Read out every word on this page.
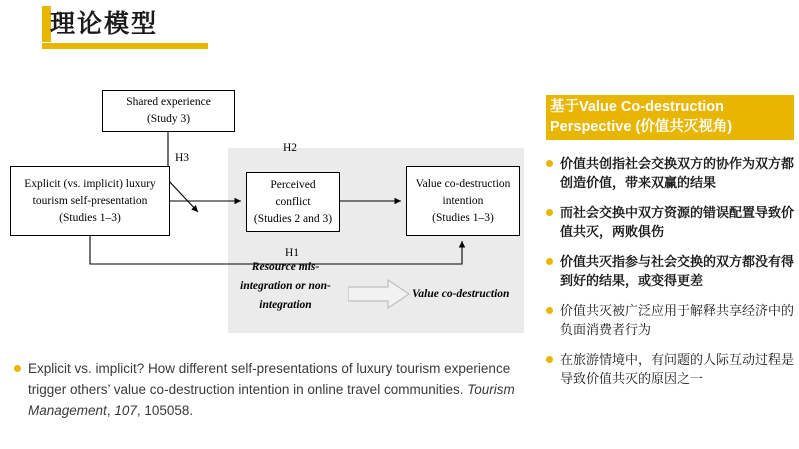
理论模型
Shared experience
(Study 3)
Explicit (vs. implicit) luxury
tourism self-presentation
(Studies 1–3)
Perceived
conflict
(Studies 2 and 3)
Value co-destruction
intention
(Studies 1–3)
H3
H2
H1
Resource mis-integration or non-integration
Value co-destruction
基于Value Co-destruction Perspective (价值共灭视角)
价值共创指社会交换双方的协作为双方都创造价值，带来双赢的结果
而社会交换中双方资源的错误配置导致价值共灭，两败俱伤
价值共灭指参与社会交换的双方都没有得到好的结果，或变得更差
价值共灭被广泛应用于解释共享经济中的负面消费者行为
在旅游情境中，有问题的人际互动过程是导致价值共灭的原因之一
Explicit vs. implicit? How different self-presentations of luxury tourism experience trigger others’ value co-destruction intention in online travel communities. Tourism Management, 107, 105058.
